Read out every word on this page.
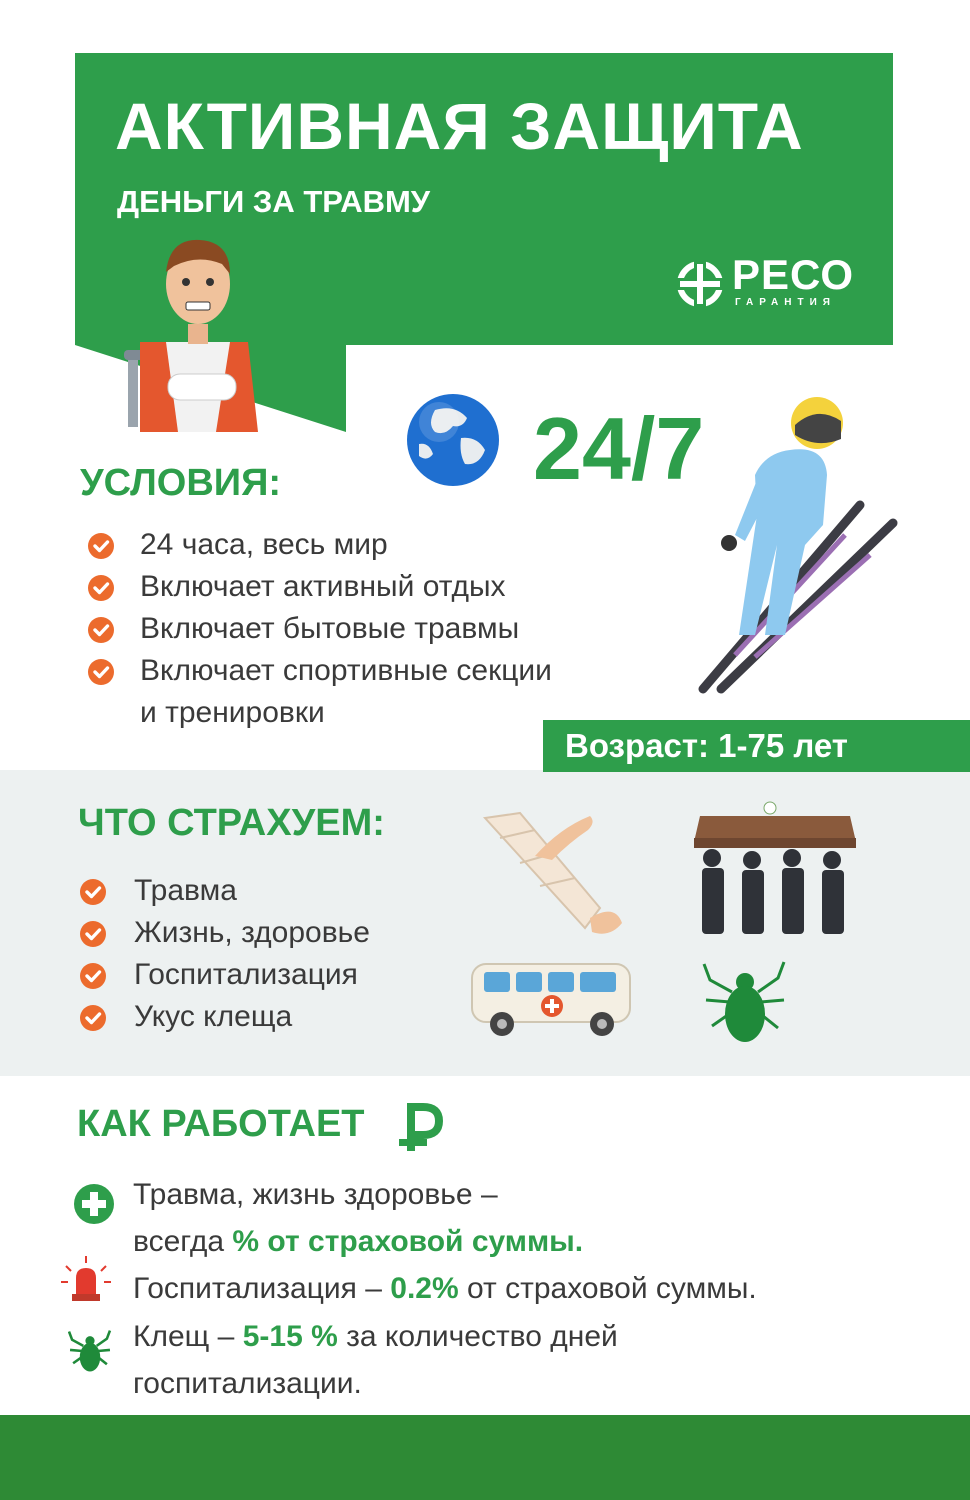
АКТИВНАЯ ЗАЩИТА
ДЕНЬГИ ЗА ТРАВМУ
РЕСО
ГАРАНТИЯ
24/7
УСЛОВИЯ:
24 часа, весь мир
Включает активный отдых
Включает бытовые травмы
Включает спортивные секции
и тренировки
Возраст: 1-75 лет
ЧТО СТРАХУЕМ:
Травма
Жизнь, здоровье
Госпитализация
Укус клеща
КАК РАБОТАЕТ
Травма, жизнь здоровье –
всегда % от страховой суммы.
Госпитализация – 0.2% от страховой суммы.
Клещ – 5-15 % за количество дней
госпитализации.
